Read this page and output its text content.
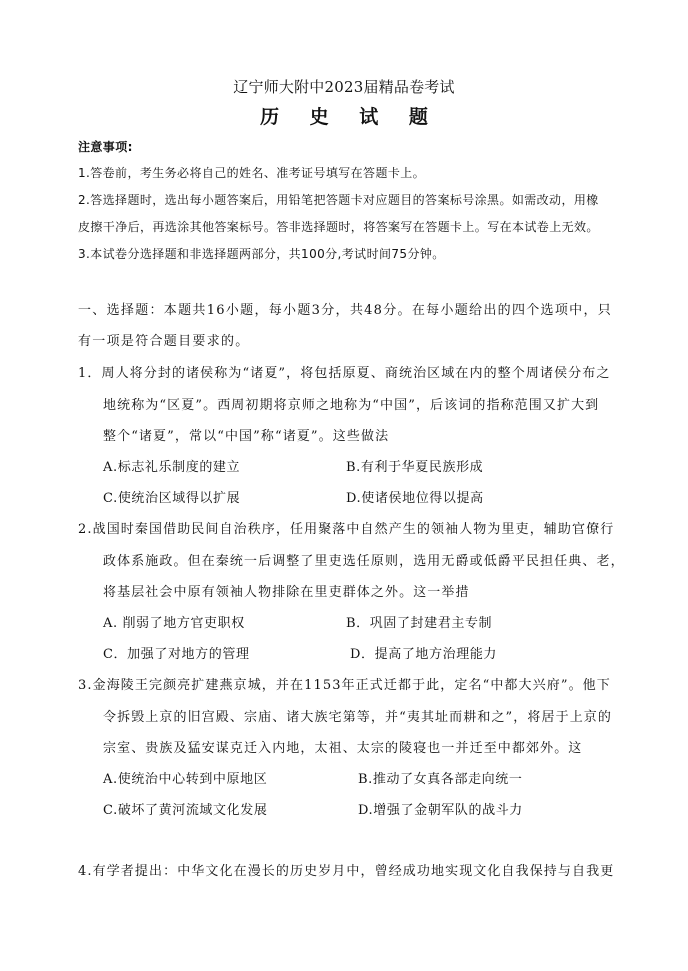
辽宁师大附中2023届精品卷考试
历 史 试 题
注意事项:
1.答卷前，考生务必将自己的姓名、准考证号填写在答题卡上。
2.答选择题时，选出每小题答案后，用铅笔把答题卡对应题目的答案标号涂黑。如需改动，用橡
皮擦干净后，再选涂其他答案标号。答非选择题时，将答案写在答题卡上。写在本试卷上无效。
3.本试卷分选择题和非选择题两部分，共100分,考试时间75分钟。
一、选择题：本题共16小题，每小题3分，共48分。在每小题给出的四个选项中，只
有一项是符合题目要求的。
1．周人将分封的诸侯称为“诸夏”，将包括原夏、商统治区域在内的整个周诸侯分布之
地统称为“区夏”。西周初期将京师之地称为“中国”，后该词的指称范围又扩大到
整个“诸夏”，常以“中国”称“诸夏”。这些做法
A.标志礼乐制度的建立	B.有利于华夏民族形成
C.使统治区域得以扩展	D.使诸侯地位得以提高
2.战国时秦国借助民间自治秩序，任用聚落中自然产生的领袖人物为里吏，辅助官僚行
政体系施政。但在秦统一后调整了里吏选任原则，选用无爵或低爵平民担任典、老，
将基层社会中原有领袖人物排除在里吏群体之外。这一举措
A. 削弱了地方官吏职权	B．巩固了封建君主专制
C．加强了对地方的管理	D．提高了地方治理能力
3.金海陵王完颜亮扩建燕京城，并在1153年正式迁都于此，定名“中都大兴府”。他下
令拆毁上京的旧宫殿、宗庙、诸大族宅第等，并“夷其址而耕和之”，将居于上京的
宗室、贵族及猛安谋克迁入内地，太祖、太宗的陵寝也一并迁至中都郊外。这
A.使统治中心转到中原地区	B.推动了女真各部走向统一
C.破坏了黄河流域文化发展	D.增强了金朝军队的战斗力
4.有学者提出：中华文化在漫长的历史岁月中，曾经成功地实现文化自我保持与自我更
